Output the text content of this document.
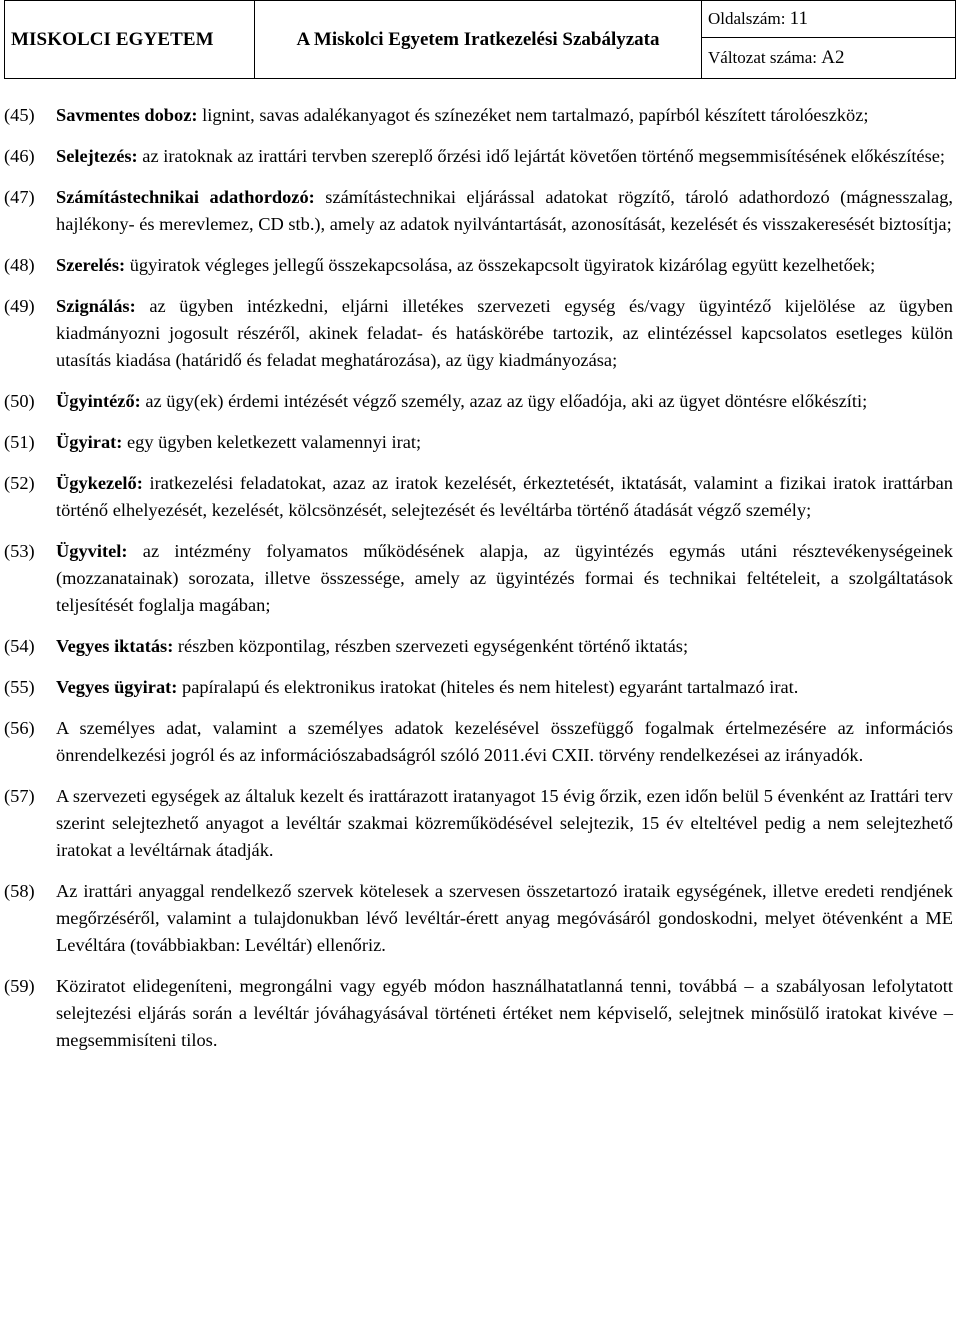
MISKOLCI EGYETEM	A Miskolci Egyetem Iratkezelési Szabályzata	Oldalszám: 11
Változat száma: A2
(45) Savmentes doboz: lignint, savas adalékanyagot és színezéket nem tartalmazó, papírból készített tárolóeszköz;
(46) Selejtezés: az iratoknak az irattári tervben szereplő őrzési idő lejártát követően történő megsemmisítésének előkészítése;
(47) Számítástechnikai adathordozó: számítástechnikai eljárással adatokat rögzítő, tároló adathordozó (mágnesszalag, hajlékony- és merevlemez, CD stb.), amely az adatok nyilvántartását, azonosítását, kezelését és visszakeresését biztosítja;
(48) Szerelés: ügyiratok végleges jellegű összekapcsolása, az összekapcsolt ügyiratok kizárólag együtt kezelhetőek;
(49) Szignálás: az ügyben intézkedni, eljárni illetékes szervezeti egység és/vagy ügyintéző kijelölése az ügyben kiadmányozni jogosult részéről, akinek feladat- és hatáskörébe tartozik, az elintézéssel kapcsolatos esetleges külön utasítás kiadása (határidő és feladat meghatározása), az ügy kiadmányozása;
(50) Ügyintéző: az ügy(ek) érdemi intézését végző személy, azaz az ügy előadója, aki az ügyet döntésre előkészíti;
(51) Ügyirat: egy ügyben keletkezett valamennyi irat;
(52) Ügykezelő: iratkezelési feladatokat, azaz az iratok kezelését, érkeztetését, iktatását, valamint a fizikai iratok irattárban történő elhelyezését, kezelését, kölcsönzését, selejtezését és levéltárba történő átadását végző személy;
(53) Ügyvitel: az intézmény folyamatos működésének alapja, az ügyintézés egymás utáni résztevékenységeinek (mozzanatainak) sorozata, illetve összessége, amely az ügyintézés formai és technikai feltételeit, a szolgáltatások teljesítését foglalja magában;
(54) Vegyes iktatás: részben központilag, részben szervezeti egységenként történő iktatás;
(55) Vegyes ügyirat: papíralapú és elektronikus iratokat (hiteles és nem hitelest) egyaránt tartalmazó irat.
(56) A személyes adat, valamint a személyes adatok kezelésével összefüggő fogalmak értelmezésére az információs önrendelkezési jogról és az információszabadságról szóló 2011.évi CXII. törvény rendelkezései az irányadók.
(57) A szervezeti egységek az általuk kezelt és irattárazott iratanyagot 15 évig őrzik, ezen időn belül 5 évenként az Irattári terv szerint selejtezhető anyagot a levéltár szakmai közreműködésével selejtezik, 15 év elteltével pedig a nem selejtezhető iratokat a levéltárnak átadják.
(58) Az irattári anyaggal rendelkező szervek kötelesek a szervesen összetartozó irataik egységének, illetve eredeti rendjének megőrzéséről, valamint a tulajdonukban lévő levéltár-érett anyag megóvásáról gondoskodni, melyet ötévenként a ME Levéltára (továbbiakban: Levéltár) ellenőriz.
(59) Köziratot elidegeníteni, megrongálni vagy egyéb módon használhatatlanná tenni, továbbá – a szabályosan lefolytatott selejtezési eljárás során a levéltár jóváhagyásával történeti értéket nem képviselő, selejtnek minősülő iratokat kivéve – megsemmisíteni tilos.
